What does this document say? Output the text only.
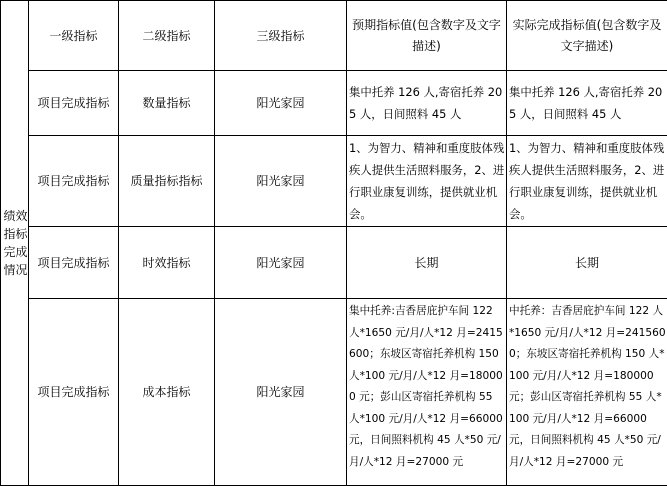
绩效指标完成情况	一级指标	二级指标	三级指标	预期指标值(包含数字及文字描述)	实际完成指标值(包含数字及文字描述)
	项目完成指标	数量指标	阳光家园	集中托养 126 人,寄宿托养 205 人，日间照料 45 人	集中托养 126 人,寄宿托养 205 人，日间照料 45 人
	项目完成指标	质量指标指标	阳光家园	1、为智力、精神和重度肢体残疾人提供生活照料服务，2、进行职业康复训练，提供就业机会。	1、为智力、精神和重度肢体残疾人提供生活照料服务，2、进行职业康复训练，提供就业机会。
	项目完成指标	时效指标	阳光家园	长期	长期
	项目完成指标	成本指标	阳光家园	集中托养:吉香居庇护车间 122 人*1650 元/月/人*12 月=2415600；东坡区寄宿托养机构 150 人*100 元/月/人*12 月=180000 元；彭山区寄宿托养机构 55 人*100 元/月/人*12 月=66000 元，日间照料机构 45 人*50 元/月/人*12 月=27000 元	中托养：吉香居庇护车间 122 人*1650 元/月/人*12 月=2415600；东坡区寄宿托养机构 150 人*100 元/月/人*12 月=180000 元；彭山区寄宿托养机构 55 人*100 元/月/人*12 月=66000 元，日间照料机构 45 人*50 元/月/人*12 月=27000 元
